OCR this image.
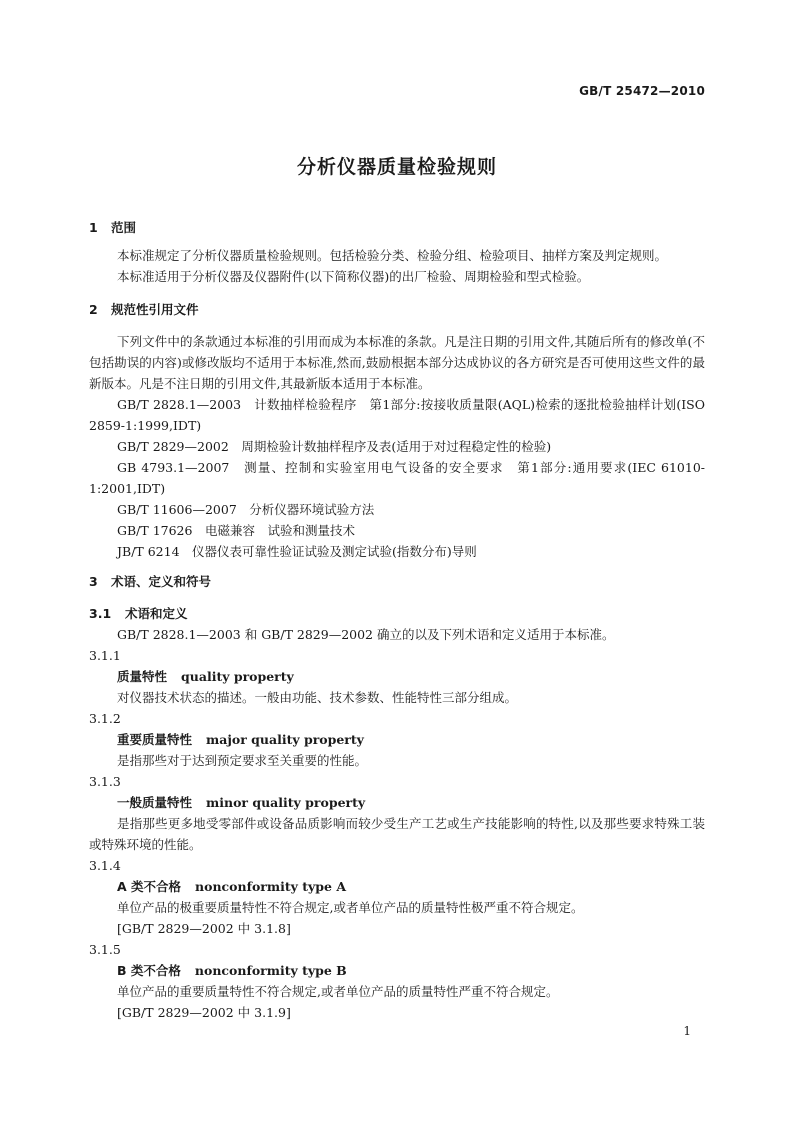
GB/T 25472—2010
分析仪器质量检验规则
1 范围
本标准规定了分析仪器质量检验规则。包括检验分类、检验分组、检验项目、抽样方案及判定规则。
本标准适用于分析仪器及仪器附件(以下简称仪器)的出厂检验、周期检验和型式检验。
2 规范性引用文件
下列文件中的条款通过本标准的引用而成为本标准的条款。凡是注日期的引用文件,其随后所有的修改单(不包括勘误的内容)或修改版均不适用于本标准,然而,鼓励根据本部分达成协议的各方研究是否可使用这些文件的最新版本。凡是不注日期的引用文件,其最新版本适用于本标准。
GB/T 2828.1—2003　计数抽样检验程序　第1部分:按接收质量限(AQL)检索的逐批检验抽样计划(ISO 2859-1:1999,IDT)
GB/T 2829—2002　周期检验计数抽样程序及表(适用于对过程稳定性的检验)
GB 4793.1—2007　测量、控制和实验室用电气设备的安全要求　第1部分:通用要求(IEC 61010-1:2001,IDT)
GB/T 11606—2007　分析仪器环境试验方法
GB/T 17626　电磁兼容　试验和测量技术
JB/T 6214　仪器仪表可靠性验证试验及测定试验(指数分布)导则
3 术语、定义和符号
3.1 术语和定义
GB/T 2828.1—2003 和 GB/T 2829—2002 确立的以及下列术语和定义适用于本标准。
3.1.1
质量特性 quality property
对仪器技术状态的描述。一般由功能、技术参数、性能特性三部分组成。
3.1.2
重要质量特性 major quality property
是指那些对于达到预定要求至关重要的性能。
3.1.3
一般质量特性 minor quality property
是指那些更多地受零部件或设备品质影响而较少受生产工艺或生产技能影响的特性,以及那些要求特殊工装或特殊环境的性能。
3.1.4
A 类不合格 nonconformity type A
单位产品的极重要质量特性不符合规定,或者单位产品的质量特性极严重不符合规定。
[GB/T 2829—2002 中 3.1.8]
3.1.5
B 类不合格 nonconformity type B
单位产品的重要质量特性不符合规定,或者单位产品的质量特性严重不符合规定。
[GB/T 2829—2002 中 3.1.9]
1
